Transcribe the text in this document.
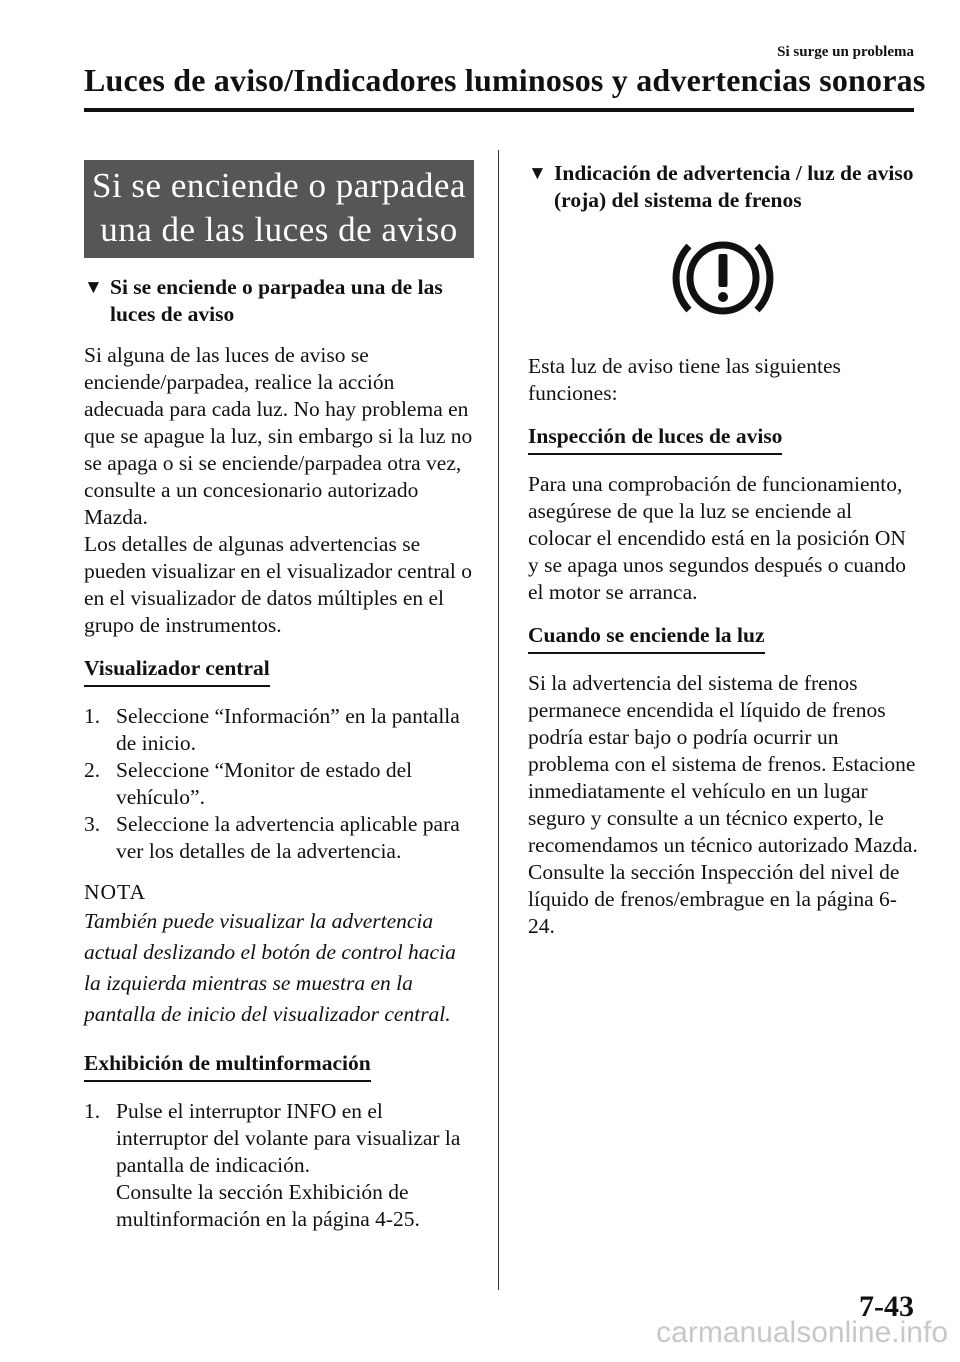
Si surge un problema
Luces de aviso/Indicadores luminosos y advertencias sonoras
Si se enciende o parpadea
una de las luces de aviso
▼ Si se enciende o parpadea una de las luces de aviso

Si alguna de las luces de aviso se enciende/parpadea, realice la acción adecuada para cada luz. No hay problema en que se apague la luz, sin embargo si la luz no se apaga o si se enciende/parpadea otra vez, consulte a un concesionario autorizado Mazda.

Los detalles de algunas advertencias se pueden visualizar en el visualizador central o en el visualizador de datos múltiples en el grupo de instrumentos.

Visualizador central
1. Seleccione “Información” en la pantalla de inicio.
2. Seleccione “Monitor de estado del vehículo”.
3. Seleccione la advertencia aplicable para ver los detalles de la advertencia.
NOTA
También puede visualizar la advertencia actual deslizando el botón de control hacia la izquierda mientras se muestra en la pantalla de inicio del visualizador central.
Exhibición de multinformación
1. Pulse el interruptor INFO en el interruptor del volante para visualizar la pantalla de indicación.
Consulte la sección Exhibición de multinformación en la página 4-25.
▼ Indicación de advertencia / luz de aviso (roja) del sistema de frenos

Esta luz de aviso tiene las siguientes funciones:

Inspección de luces de aviso

Para una comprobación de funcionamiento, asegúrese de que la luz se enciende al colocar el encendido está en la posición ON y se apaga unos segundos después o cuando el motor se arranca.

Cuando se enciende la luz

Si la advertencia del sistema de frenos permanece encendida el líquido de frenos podría estar bajo o podría ocurrir un problema con el sistema de frenos. Estacione inmediatamente el vehículo en un lugar seguro y consulte a un técnico experto, le recomendamos un técnico autorizado Mazda.

Consulte la sección Inspección del nivel de líquido de frenos/embrague en la página 6-24.

7-43
carmanualsonline.info
